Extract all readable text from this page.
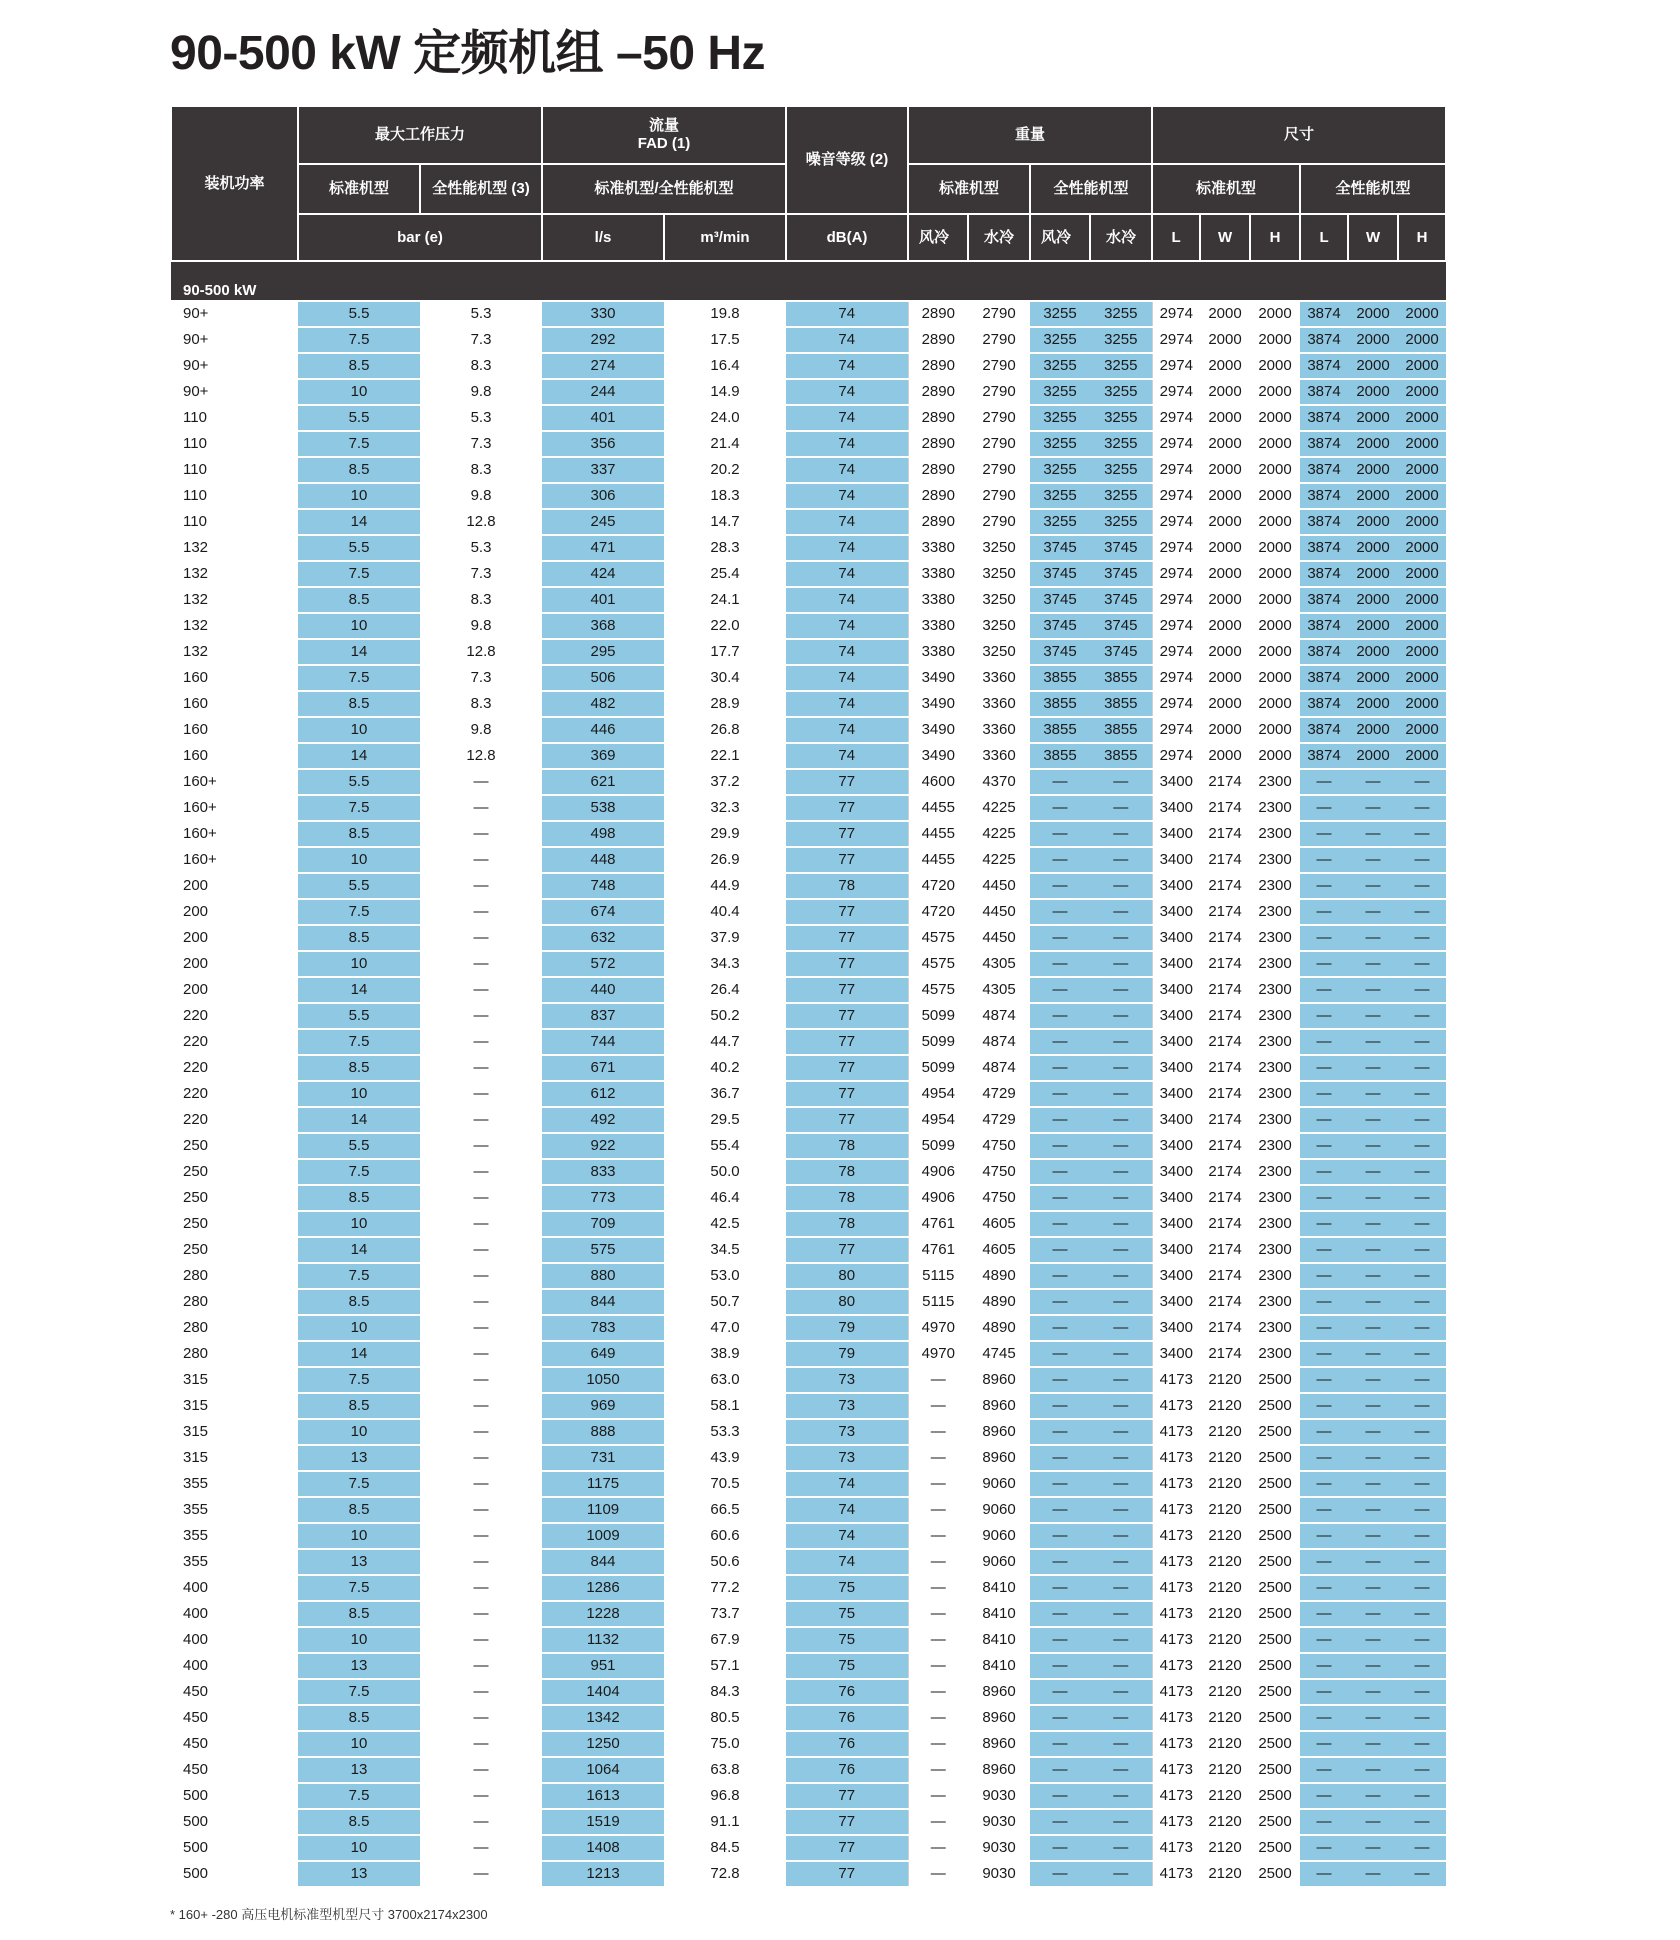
90-500 kW 定频机组 –50 Hz
装机功率	最大工作压力		流量
FAD (1)		噪音等级 (2)	重量				尺寸					
	标准机型	全性能机型 (3)	标准机型/全性能机型			标准机型		全性能机型		标准机型			全性能机型		
	bar (e)		l/s	m³/min	dB(A)	风冷	水冷	风冷	水冷	L	W	H	L	W	H
90-500 kW															
90+	5.5	5.3	330	19.8	74	2890	2790	3255	3255	2974	2000	2000	3874	2000	2000
90+	7.5	7.3	292	17.5	74	2890	2790	3255	3255	2974	2000	2000	3874	2000	2000
90+	8.5	8.3	274	16.4	74	2890	2790	3255	3255	2974	2000	2000	3874	2000	2000
90+	10	9.8	244	14.9	74	2890	2790	3255	3255	2974	2000	2000	3874	2000	2000
110	5.5	5.3	401	24.0	74	2890	2790	3255	3255	2974	2000	2000	3874	2000	2000
110	7.5	7.3	356	21.4	74	2890	2790	3255	3255	2974	2000	2000	3874	2000	2000
110	8.5	8.3	337	20.2	74	2890	2790	3255	3255	2974	2000	2000	3874	2000	2000
110	10	9.8	306	18.3	74	2890	2790	3255	3255	2974	2000	2000	3874	2000	2000
110	14	12.8	245	14.7	74	2890	2790	3255	3255	2974	2000	2000	3874	2000	2000
132	5.5	5.3	471	28.3	74	3380	3250	3745	3745	2974	2000	2000	3874	2000	2000
132	7.5	7.3	424	25.4	74	3380	3250	3745	3745	2974	2000	2000	3874	2000	2000
132	8.5	8.3	401	24.1	74	3380	3250	3745	3745	2974	2000	2000	3874	2000	2000
132	10	9.8	368	22.0	74	3380	3250	3745	3745	2974	2000	2000	3874	2000	2000
132	14	12.8	295	17.7	74	3380	3250	3745	3745	2974	2000	2000	3874	2000	2000
160	7.5	7.3	506	30.4	74	3490	3360	3855	3855	2974	2000	2000	3874	2000	2000
160	8.5	8.3	482	28.9	74	3490	3360	3855	3855	2974	2000	2000	3874	2000	2000
160	10	9.8	446	26.8	74	3490	3360	3855	3855	2974	2000	2000	3874	2000	2000
160	14	12.8	369	22.1	74	3490	3360	3855	3855	2974	2000	2000	3874	2000	2000
160+	5.5	—	621	37.2	77	4600	4370	—	—	3400	2174	2300	—	—	—
160+	7.5	—	538	32.3	77	4455	4225	—	—	3400	2174	2300	—	—	—
160+	8.5	—	498	29.9	77	4455	4225	—	—	3400	2174	2300	—	—	—
160+	10	—	448	26.9	77	4455	4225	—	—	3400	2174	2300	—	—	—
200	5.5	—	748	44.9	78	4720	4450	—	—	3400	2174	2300	—	—	—
200	7.5	—	674	40.4	77	4720	4450	—	—	3400	2174	2300	—	—	—
200	8.5	—	632	37.9	77	4575	4450	—	—	3400	2174	2300	—	—	—
200	10	—	572	34.3	77	4575	4305	—	—	3400	2174	2300	—	—	—
200	14	—	440	26.4	77	4575	4305	—	—	3400	2174	2300	—	—	—
220	5.5	—	837	50.2	77	5099	4874	—	—	3400	2174	2300	—	—	—
220	7.5	—	744	44.7	77	5099	4874	—	—	3400	2174	2300	—	—	—
220	8.5	—	671	40.2	77	5099	4874	—	—	3400	2174	2300	—	—	—
220	10	—	612	36.7	77	4954	4729	—	—	3400	2174	2300	—	—	—
220	14	—	492	29.5	77	4954	4729	—	—	3400	2174	2300	—	—	—
250	5.5	—	922	55.4	78	5099	4750	—	—	3400	2174	2300	—	—	—
250	7.5	—	833	50.0	78	4906	4750	—	—	3400	2174	2300	—	—	—
250	8.5	—	773	46.4	78	4906	4750	—	—	3400	2174	2300	—	—	—
250	10	—	709	42.5	78	4761	4605	—	—	3400	2174	2300	—	—	—
250	14	—	575	34.5	77	4761	4605	—	—	3400	2174	2300	—	—	—
280	7.5	—	880	53.0	80	5115	4890	—	—	3400	2174	2300	—	—	—
280	8.5	—	844	50.7	80	5115	4890	—	—	3400	2174	2300	—	—	—
280	10	—	783	47.0	79	4970	4890	—	—	3400	2174	2300	—	—	—
280	14	—	649	38.9	79	4970	4745	—	—	3400	2174	2300	—	—	—
315	7.5	—	1050	63.0	73	—	8960	—	—	4173	2120	2500	—	—	—
315	8.5	—	969	58.1	73	—	8960	—	—	4173	2120	2500	—	—	—
315	10	—	888	53.3	73	—	8960	—	—	4173	2120	2500	—	—	—
315	13	—	731	43.9	73	—	8960	—	—	4173	2120	2500	—	—	—
355	7.5	—	1175	70.5	74	—	9060	—	—	4173	2120	2500	—	—	—
355	8.5	—	1109	66.5	74	—	9060	—	—	4173	2120	2500	—	—	—
355	10	—	1009	60.6	74	—	9060	—	—	4173	2120	2500	—	—	—
355	13	—	844	50.6	74	—	9060	—	—	4173	2120	2500	—	—	—
400	7.5	—	1286	77.2	75	—	8410	—	—	4173	2120	2500	—	—	—
400	8.5	—	1228	73.7	75	—	8410	—	—	4173	2120	2500	—	—	—
400	10	—	1132	67.9	75	—	8410	—	—	4173	2120	2500	—	—	—
400	13	—	951	57.1	75	—	8410	—	—	4173	2120	2500	—	—	—
450	7.5	—	1404	84.3	76	—	8960	—	—	4173	2120	2500	—	—	—
450	8.5	—	1342	80.5	76	—	8960	—	—	4173	2120	2500	—	—	—
450	10	—	1250	75.0	76	—	8960	—	—	4173	2120	2500	—	—	—
450	13	—	1064	63.8	76	—	8960	—	—	4173	2120	2500	—	—	—
500	7.5	—	1613	96.8	77	—	9030	—	—	4173	2120	2500	—	—	—
500	8.5	—	1519	91.1	77	—	9030	—	—	4173	2120	2500	—	—	—
500	10	—	1408	84.5	77	—	9030	—	—	4173	2120	2500	—	—	—
500	13	—	1213	72.8	77	—	9030	—	—	4173	2120	2500	—	—	—

* 160+ -280 高压电机标准型机型尺寸 3700x2174x2300
